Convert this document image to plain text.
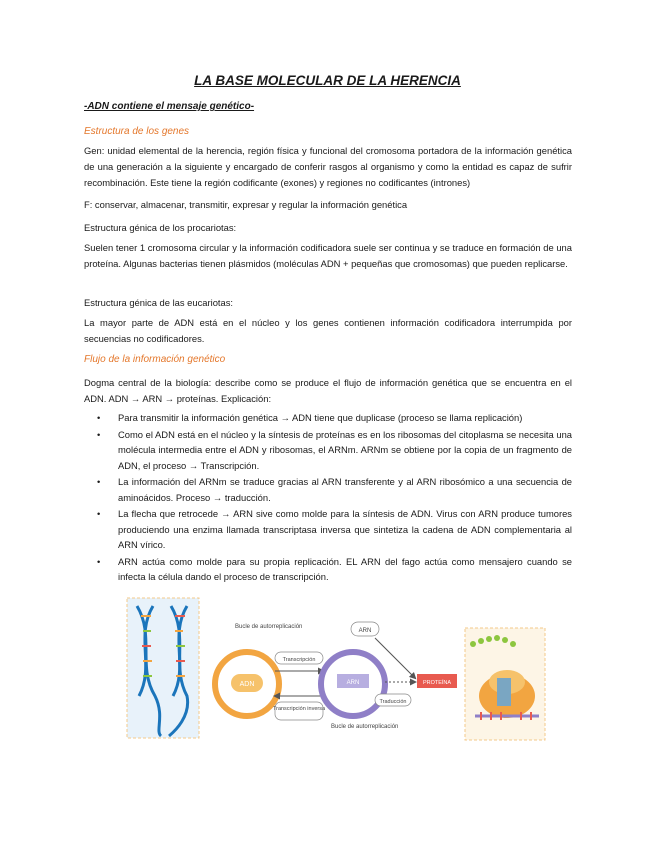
LA BASE MOLECULAR DE LA HERENCIA
-ADN contiene el mensaje genético-
Estructura de los genes
Gen: unidad elemental de la herencia, región física y funcional del cromosoma portadora de la información genética de una generación a la siguiente y encargado de conferir rasgos al organismo y como la entidad es capaz de sufrir recombinación. Este tiene la región codificante (exones) y regiones no codificantes (intrones)
F: conservar, almacenar, transmitir, expresar y regular la información genética
Estructura génica de los procariotas:
Suelen tener 1 cromosoma circular y la información codificadora suele ser continua y se traduce en formación de una proteína. Algunas bacterias tienen plásmidos (moléculas ADN + pequeñas que cromosomas) que pueden replicarse.
Estructura génica de las eucariotas:
La mayor parte de ADN está en el núcleo y los genes contienen información codificadora interrumpida por secuencias no codificadores.
Flujo de la información genético
Dogma central de la biología: describe como se produce el flujo de información genética que se encuentra en el ADN. ADN → ARN → proteínas. Explicación:
• Para transmitir la información genética → ADN tiene que duplicase (proceso se llama replicación)
• Como el ADN está en el núcleo y la síntesis de proteínas es en los ribosomas del citoplasma se necesita una molécula intermedia entre el ADN y ribosomas, el ARNm. ARNm se obtiene por la copia de un fragmento de ADN, el proceso → Transcripción.
• La información del ARNm se traduce gracias al ARN transferente y al ARN ribosómico a una secuencia de aminoácidos. Proceso → traducción.
• La flecha que retrocede → ARN sive como molde para la síntesis de ADN. Virus con ARN produce tumores produciendo una enzima llamada transcriptasa inversa que sintetiza la cadena de ADN complementaria al ARN vírico.
• ARN actúa como molde para su propia replicación. EL ARN del fago actúa como mensajero cuando se infecta la célula dando el proceso de transcripción.
ADN
Bucle de autorreplicación
Transcripción
Transcripción inversa
ARN
Bucle de autorreplicación
ARN
Traducción
PROTEÍNA
